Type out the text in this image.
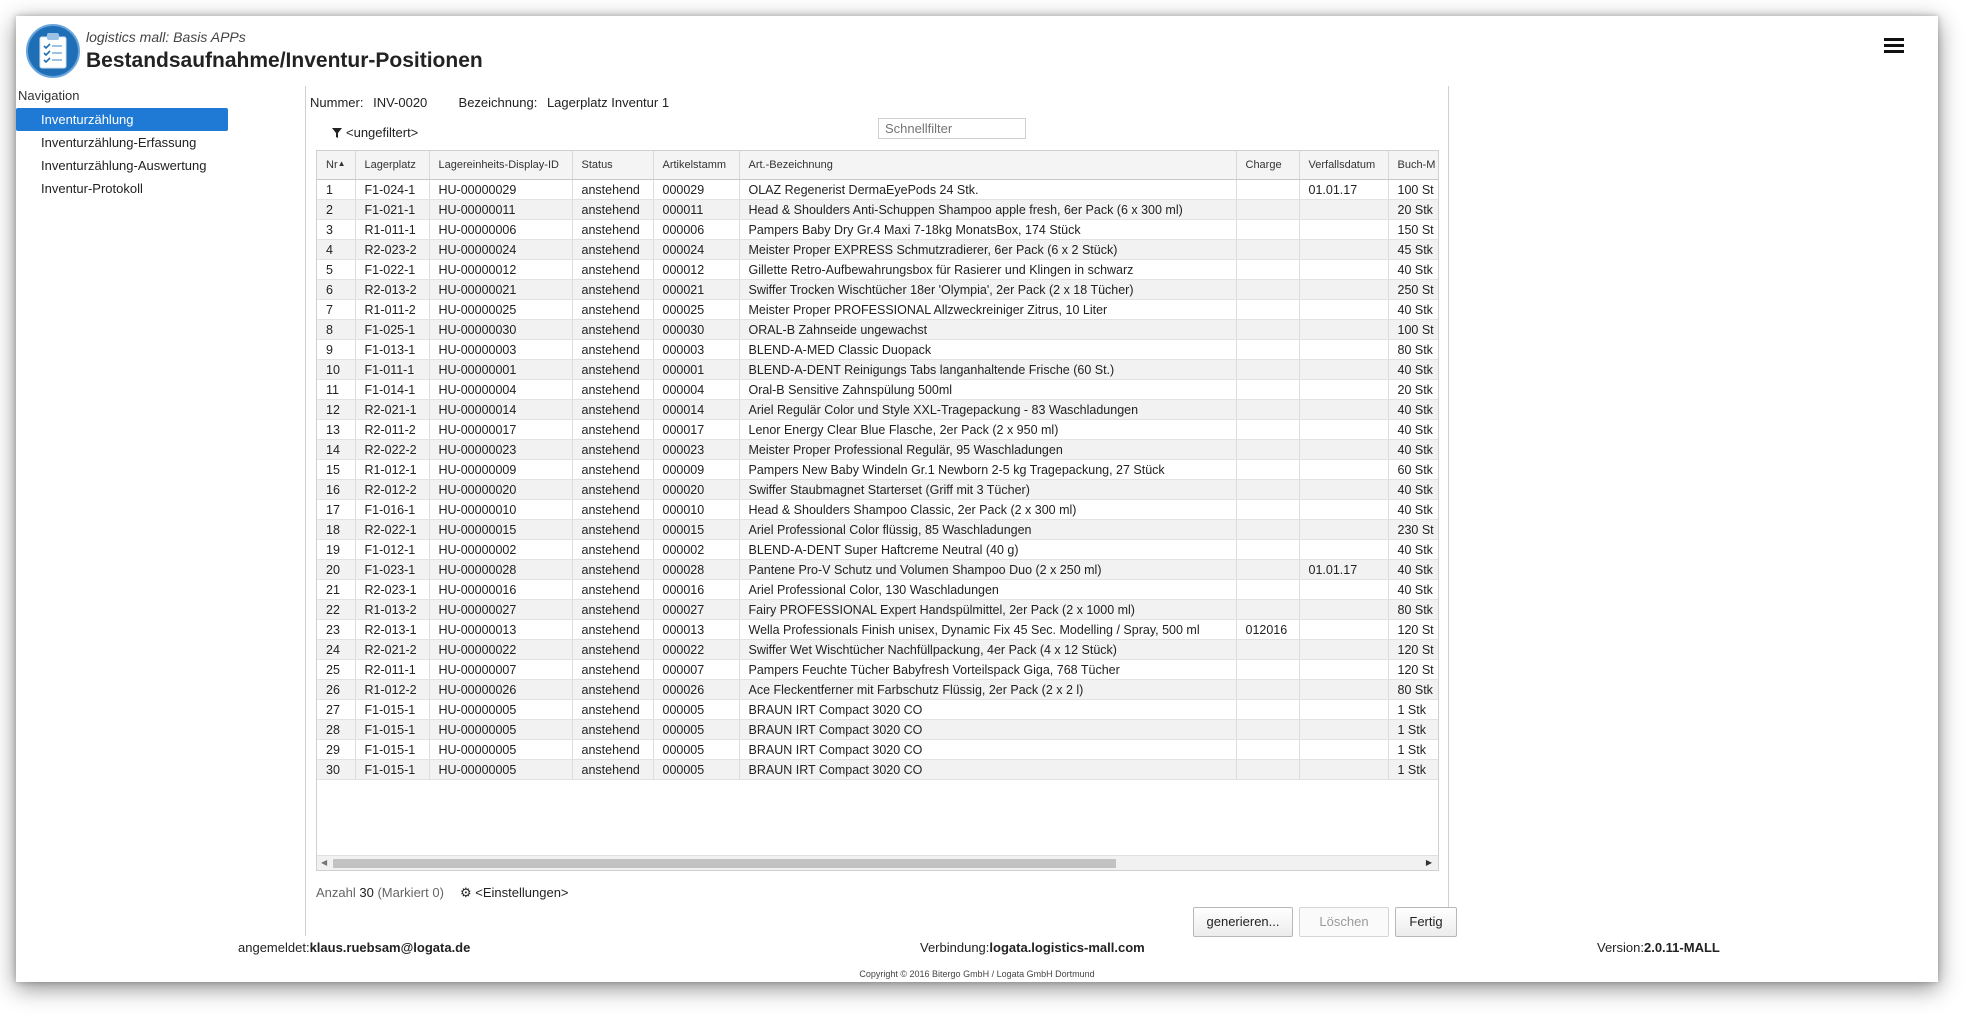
logistics mall: Basis APPs
Bestandsaufnahme/Inventur-Positionen
Navigation
Inventurzählung
Inventurzählung-Erfassung
Inventurzählung-Auswertung
Inventur-Protokoll
Nummer: INV-0020 Bezeichnung: Lagerplatz Inventur 1
<ungefiltert>
Schnellfilter
Nr▲	Lagerplatz	Lagereinheits-Display-ID	Status	Artikelstamm	Art.-Bezeichnung	Charge	Verfallsdatum	Buch-M
1	F1-024-1	HU-00000029	anstehend	000029	OLAZ Regenerist DermaEyePods 24 Stk.		01.01.17	100 St
2	F1-021-1	HU-00000011	anstehend	000011	Head & Shoulders Anti-Schuppen Shampoo apple fresh, 6er Pack (6 x 300 ml)			20 Stk
3	R1-011-1	HU-00000006	anstehend	000006	Pampers Baby Dry Gr.4 Maxi 7-18kg MonatsBox, 174 Stück			150 St
4	R2-023-2	HU-00000024	anstehend	000024	Meister Proper EXPRESS Schmutzradierer, 6er Pack (6 x 2 Stück)			45 Stk
5	F1-022-1	HU-00000012	anstehend	000012	Gillette Retro-Aufbewahrungsbox für Rasierer und Klingen in schwarz			40 Stk
6	R2-013-2	HU-00000021	anstehend	000021	Swiffer Trocken Wischtücher 18er 'Olympia', 2er Pack (2 x 18 Tücher)			250 St
7	R1-011-2	HU-00000025	anstehend	000025	Meister Proper PROFESSIONAL Allzweckreiniger Zitrus, 10 Liter			40 Stk
8	F1-025-1	HU-00000030	anstehend	000030	ORAL-B Zahnseide ungewachst			100 St
9	F1-013-1	HU-00000003	anstehend	000003	BLEND-A-MED Classic Duopack			80 Stk
10	F1-011-1	HU-00000001	anstehend	000001	BLEND-A-DENT Reinigungs Tabs langanhaltende Frische (60 St.)			40 Stk
11	F1-014-1	HU-00000004	anstehend	000004	Oral-B Sensitive Zahnspülung 500ml			20 Stk
12	R2-021-1	HU-00000014	anstehend	000014	Ariel Regulär Color und Style XXL-Tragepackung - 83 Waschladungen			40 Stk
13	R2-011-2	HU-00000017	anstehend	000017	Lenor Energy Clear Blue Flasche, 2er Pack (2 x 950 ml)			40 Stk
14	R2-022-2	HU-00000023	anstehend	000023	Meister Proper Professional Regulär, 95 Waschladungen			40 Stk
15	R1-012-1	HU-00000009	anstehend	000009	Pampers New Baby Windeln Gr.1 Newborn 2-5 kg Tragepackung, 27 Stück			60 Stk
16	R2-012-2	HU-00000020	anstehend	000020	Swiffer Staubmagnet Starterset (Griff mit 3 Tücher)			40 Stk
17	F1-016-1	HU-00000010	anstehend	000010	Head & Shoulders Shampoo Classic, 2er Pack (2 x 300 ml)			40 Stk
18	R2-022-1	HU-00000015	anstehend	000015	Ariel Professional Color flüssig, 85 Waschladungen			230 St
19	F1-012-1	HU-00000002	anstehend	000002	BLEND-A-DENT Super Haftcreme Neutral (40 g)			40 Stk
20	F1-023-1	HU-00000028	anstehend	000028	Pantene Pro-V Schutz und Volumen Shampoo Duo (2 x 250 ml)		01.01.17	40 Stk
21	R2-023-1	HU-00000016	anstehend	000016	Ariel Professional Color, 130 Waschladungen			40 Stk
22	R1-013-2	HU-00000027	anstehend	000027	Fairy PROFESSIONAL Expert Handspülmittel, 2er Pack (2 x 1000 ml)			80 Stk
23	R2-013-1	HU-00000013	anstehend	000013	Wella Professionals Finish unisex, Dynamic Fix 45 Sec. Modelling / Spray, 500 ml	012016		120 St
24	R2-021-2	HU-00000022	anstehend	000022	Swiffer Wet Wischtücher Nachfüllpackung, 4er Pack (4 x 12 Stück)			120 St
25	R2-011-1	HU-00000007	anstehend	000007	Pampers Feuchte Tücher Babyfresh Vorteilspack Giga, 768 Tücher			120 St
26	R1-012-2	HU-00000026	anstehend	000026	Ace Fleckentferner mit Farbschutz Flüssig, 2er Pack (2 x 2 l)			80 Stk
27	F1-015-1	HU-00000005	anstehend	000005	BRAUN IRT Compact 3020 CO			1 Stk
28	F1-015-1	HU-00000005	anstehend	000005	BRAUN IRT Compact 3020 CO			1 Stk
29	F1-015-1	HU-00000005	anstehend	000005	BRAUN IRT Compact 3020 CO			1 Stk
30	F1-015-1	HU-00000005	anstehend	000005	BRAUN IRT Compact 3020 CO			1 Stk
◀	▶
Anzahl 30 (Markiert 0) ⚙ <Einstellungen>
generieren...	Löschen	Fertig
angemeldet:klaus.ruebsam@logata.de	Verbindung:logata.logistics-mall.com	Version:2.0.11-MALL
Copyright © 2016 Bitergo GmbH / Logata GmbH Dortmund
